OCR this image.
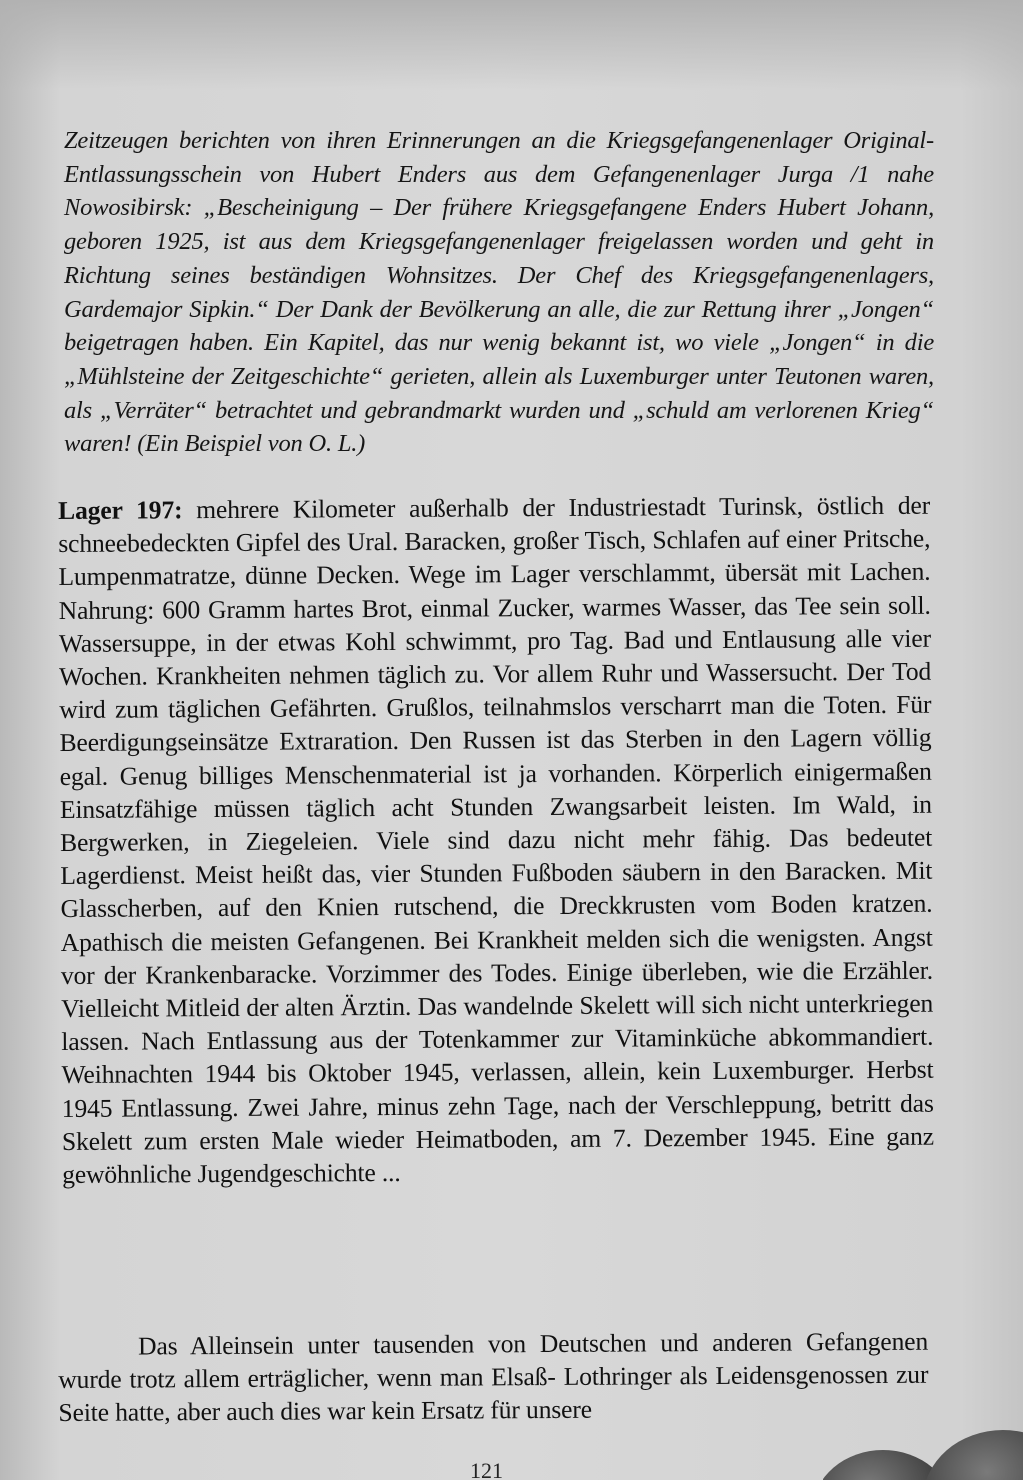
Zeitzeugen berichten von ihren Erinnerungen an die Kriegsgefangenenlager Original-Entlassungsschein von Hubert Enders aus dem Gefangenenlager Jurga /1 nahe Nowosibirsk: „Bescheinigung – Der frühere Kriegsgefangene Enders Hubert Johann, geboren 1925, ist aus dem Kriegsgefangenenlager freigelassen worden und geht in Richtung seines beständigen Wohnsitzes. Der Chef des Kriegsgefangenenlagers, Gardemajor Sipkin.“ Der Dank der Bevölkerung an alle, die zur Rettung ihrer „Jongen“ beigetragen haben. Ein Kapitel, das nur wenig bekannt ist, wo viele „Jongen“ in die „Mühlsteine der Zeitgeschichte“ gerieten, allein als Luxemburger unter Teutonen waren, als „Verräter“ betrachtet und gebrandmarkt wurden und „schuld am verlorenen Krieg“ waren! (Ein Beispiel von O. L.)

Lager 197: mehrere Kilometer außerhalb der Industriestadt Turinsk, östlich der schneebedeckten Gipfel des Ural. Baracken, großer Tisch, Schlafen auf einer Pritsche, Lumpenmatratze, dünne Decken. Wege im Lager verschlammt, übersät mit Lachen. Nahrung: 600 Gramm hartes Brot, einmal Zucker, warmes Wasser, das Tee sein soll. Wassersuppe, in der etwas Kohl schwimmt, pro Tag. Bad und Entlausung alle vier Wochen. Krankheiten nehmen täglich zu. Vor allem Ruhr und Wassersucht. Der Tod wird zum täglichen Gefährten. Grußlos, teilnahmslos verscharrt man die Toten. Für Beerdigungseinsätze Extraration. Den Russen ist das Sterben in den Lagern völlig egal. Genug billiges Menschenmaterial ist ja vorhanden. Körperlich einigermaßen Einsatzfähige müssen täglich acht Stunden Zwangsarbeit leisten. Im Wald, in Bergwerken, in Ziegeleien. Viele sind dazu nicht mehr fähig. Das bedeutet Lagerdienst. Meist heißt das, vier Stunden Fußboden säubern in den Baracken. Mit Glasscherben, auf den Knien rutschend, die Dreckkrusten vom Boden kratzen. Apathisch die meisten Gefangenen. Bei Krankheit melden sich die wenigsten. Angst vor der Krankenbaracke. Vorzimmer des Todes. Einige überleben, wie die Erzähler. Vielleicht Mitleid der alten Ärztin. Das wandelnde Skelett will sich nicht unterkriegen lassen. Nach Entlassung aus der Totenkammer zur Vitaminküche abkommandiert. Weihnachten 1944 bis Oktober 1945, verlassen, allein, kein Luxemburger. Herbst 1945 Entlassung. Zwei Jahre, minus zehn Tage, nach der Verschleppung, betritt das Skelett zum ersten Male wieder Heimatboden, am 7. Dezember 1945. Eine ganz gewöhnliche Jugendgeschichte ...

Das Alleinsein unter tausenden von Deutschen und anderen Gefangenen wurde trotz allem erträglicher, wenn man Elsaß- Lothringer als Leidensgenossen zur Seite hatte, aber auch dies war kein Ersatz für unsere

121
